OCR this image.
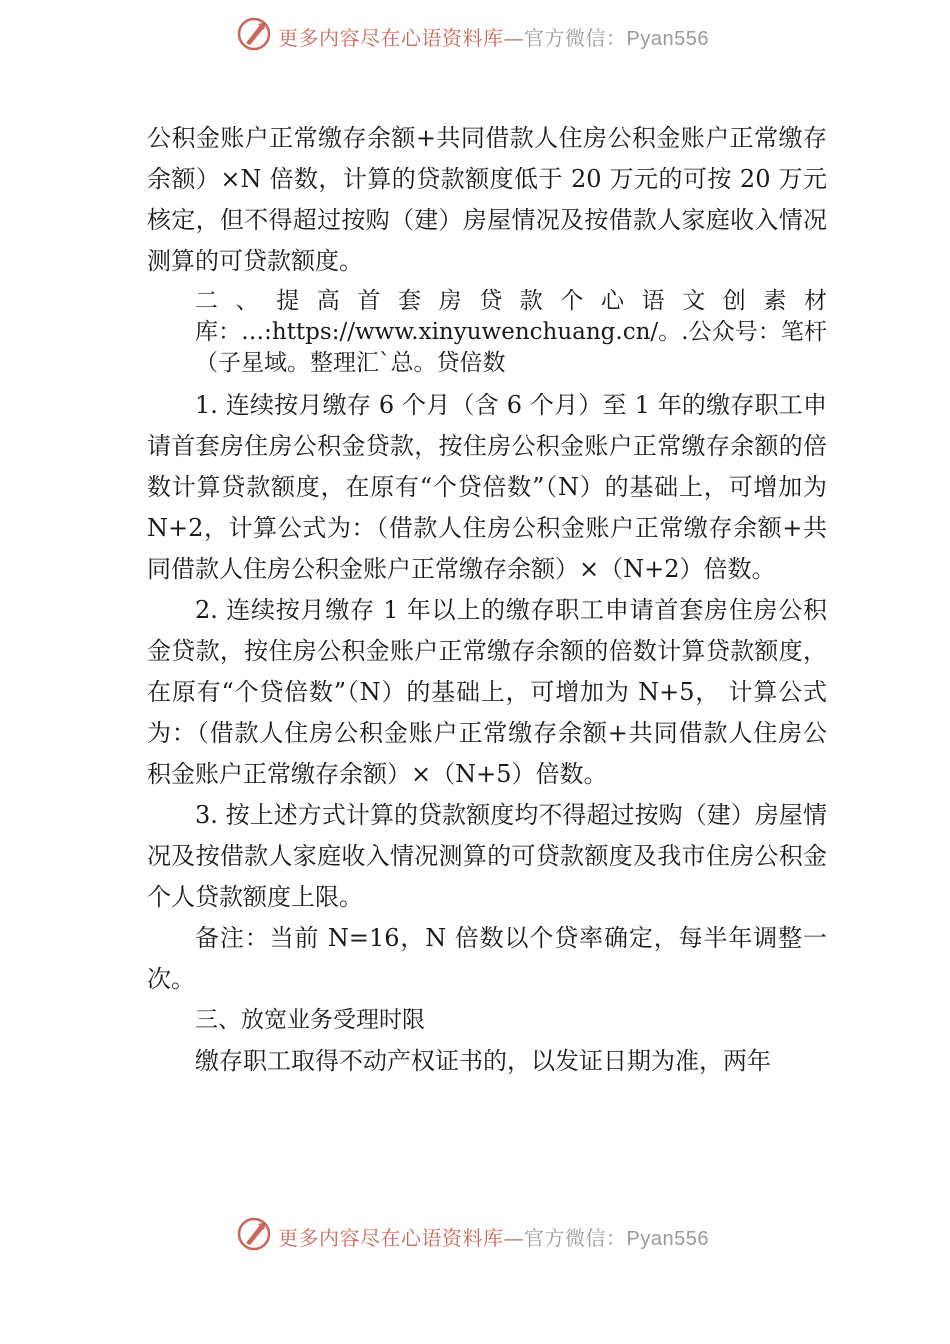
更多内容尽在心语资料库—官方微信：Pyan556

公积金账户正常缴存余额+共同借款人住房公积金账户正常缴存余额）×N 倍数，计算的贷款额度低于 20 万元的可按 20 万元核定，但不得超过按购（建）房屋情况及按借款人家庭收入情况测算的可贷款额度。

二、提高首套房贷款个心语文创素材库：…:https://www.xinyuwenchuang.cn/。.公众号：笔杆（子星域。整理汇`总。贷倍数

1. 连续按月缴存 6 个月（含 6 个月）至 1 年的缴存职工申请首套房住房公积金贷款，按住房公积金账户正常缴存余额的倍数计算贷款额度，在原有“个贷倍数”（N）的基础上，可增加为 N+2，计算公式为：（借款人住房公积金账户正常缴存余额+共同借款人住房公积金账户正常缴存余额）×（N+2）倍数。

2. 连续按月缴存 1 年以上的缴存职工申请首套房住房公积金贷款，按住房公积金账户正常缴存余额的倍数计算贷款额度，在原有“个贷倍数”（N）的基础上，可增加为 N+5， 计算公式为：（借款人住房公积金账户正常缴存余额+共同借款人住房公积金账户正常缴存余额）×（N+5）倍数。

3. 按上述方式计算的贷款额度均不得超过按购（建）房屋情况及按借款人家庭收入情况测算的可贷款额度及我市住房公积金个人贷款额度上限。

备注：当前 N=16，N 倍数以个贷率确定，每半年调整一次。

三、放宽业务受理时限

缴存职工取得不动产权证书的，以发证日期为准，两年

更多内容尽在心语资料库—官方微信：Pyan556
